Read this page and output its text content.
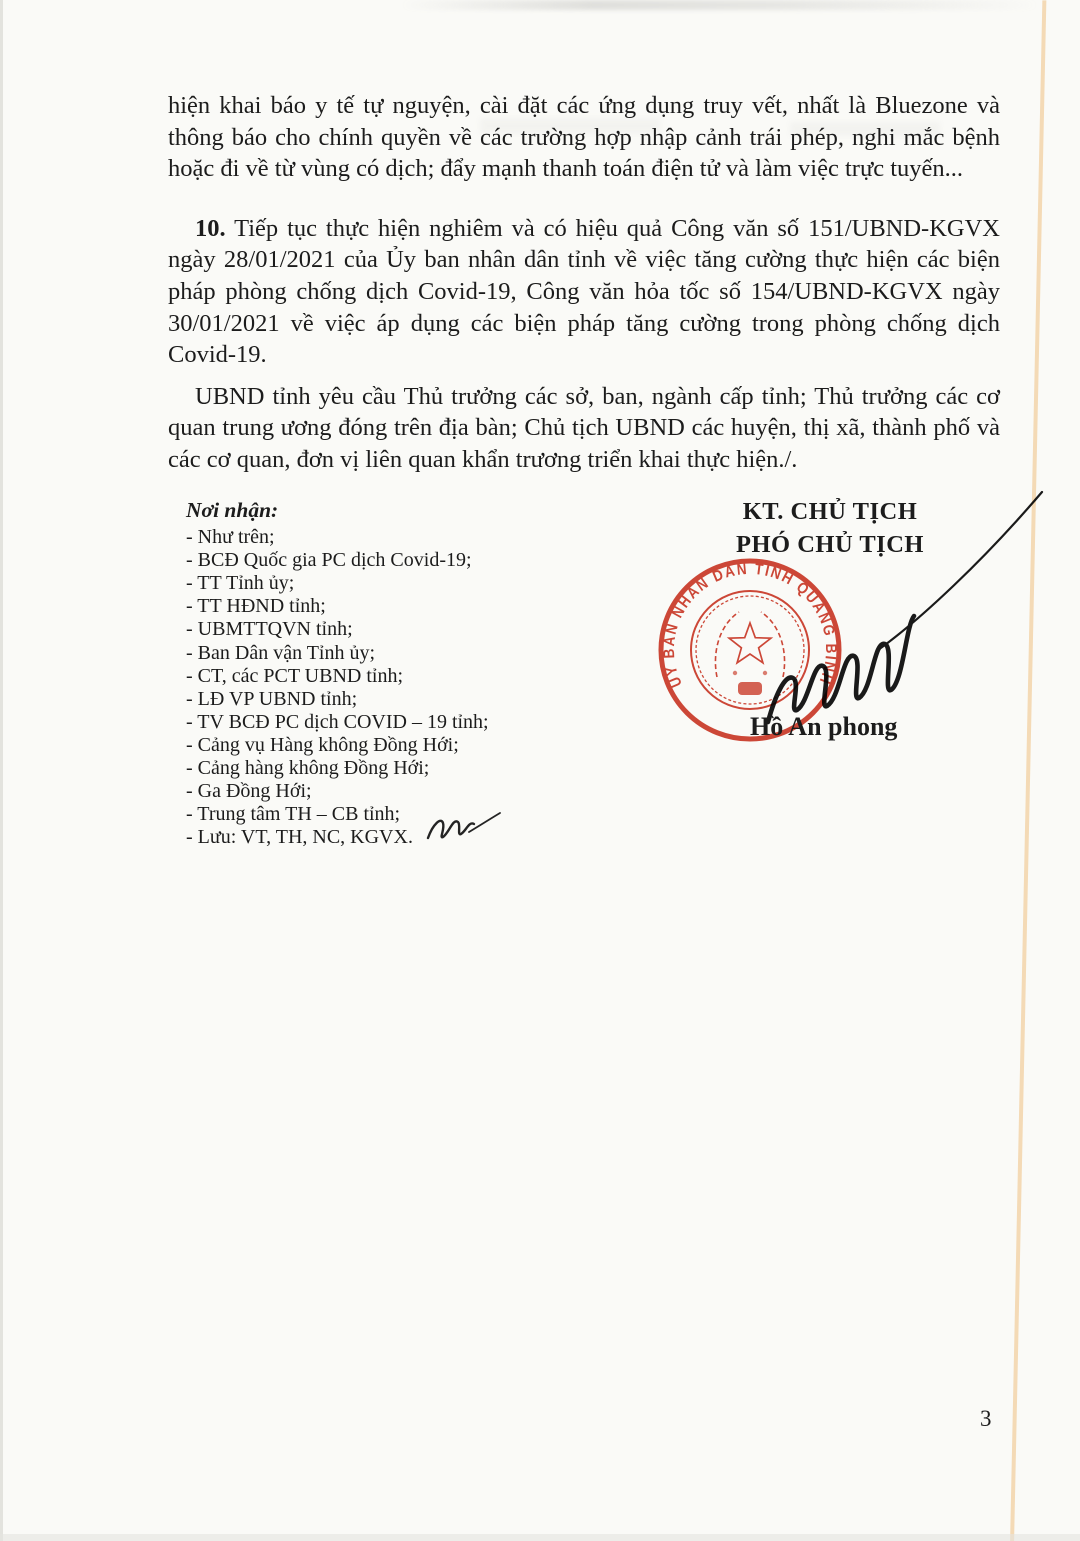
hiện khai báo y tế tự nguyện, cài đặt các ứng dụng truy vết, nhất là Bluezone và thông báo cho chính quyền về các trường hợp nhập cảnh trái phép, nghi mắc bệnh hoặc đi về từ vùng có dịch; đẩy mạnh thanh toán điện tử và làm việc trực tuyến...

10. Tiếp tục thực hiện nghiêm và có hiệu quả Công văn số 151/UBND-KGVX ngày 28/01/2021 của Ủy ban nhân dân tỉnh về việc tăng cường thực hiện các biện pháp phòng chống dịch Covid-19, Công văn hỏa tốc số 154/UBND-KGVX ngày 30/01/2021 về việc áp dụng các biện pháp tăng cường trong phòng chống dịch Covid-19.

UBND tỉnh yêu cầu Thủ trưởng các sở, ban, ngành cấp tỉnh; Thủ trưởng các cơ quan trung ương đóng trên địa bàn; Chủ tịch UBND các huyện, thị xã, thành phố và các cơ quan, đơn vị liên quan khẩn trương triển khai thực hiện./.

Nơi nhận:
- Như trên;
- BCĐ Quốc gia PC dịch Covid-19;
- TT Tỉnh ủy;
- TT HĐND tỉnh;
- UBMTTQVN tỉnh;
- Ban Dân vận Tỉnh ủy;
- CT, các PCT UBND tỉnh;
- LĐ VP UBND tỉnh;
- TV BCĐ PC dịch COVID – 19 tỉnh;
- Cảng vụ Hàng không Đồng Hới;
- Cảng hàng không Đồng Hới;
- Ga Đồng Hới;
- Trung tâm TH – CB tỉnh;
- Lưu: VT, TH, NC, KGVX.
KT. CHỦ TỊCH
PHÓ CHỦ TỊCH
ỦY BAN NHÂN DÂN TỈNH QUẢNG BÌNH
Hồ An phong
3
